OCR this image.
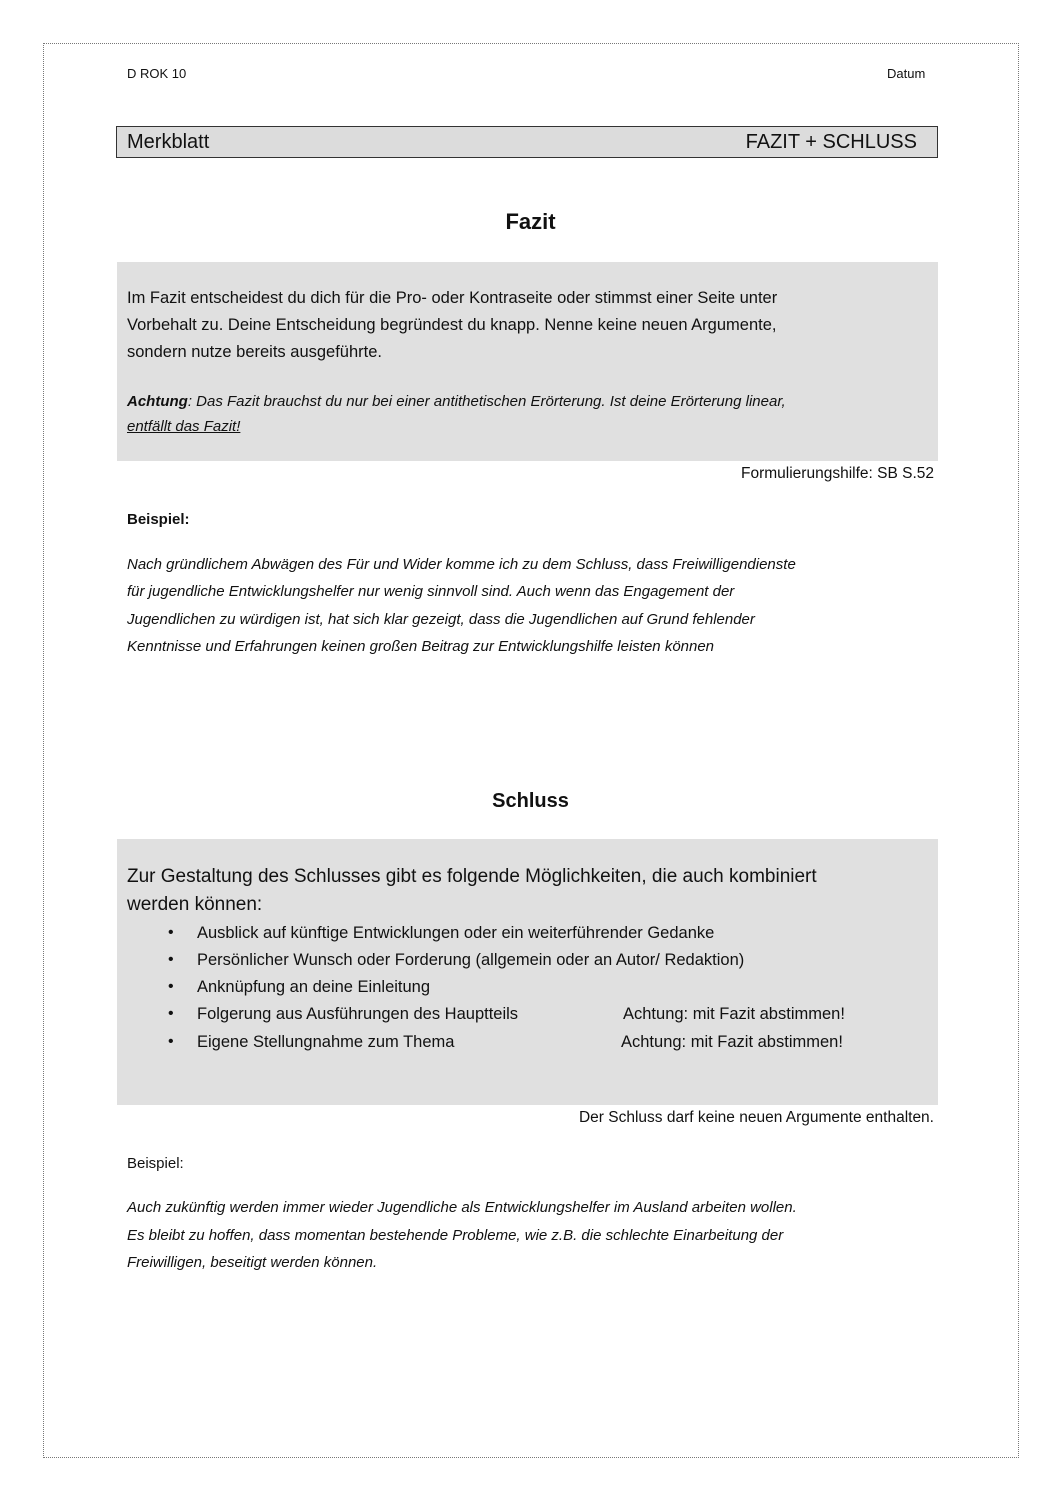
D ROK 10	Datum
Merkblatt	FAZIT + SCHLUSS
Fazit
Im Fazit entscheidest du dich für die Pro- oder Kontraseite oder stimmst einer Seite unter
Vorbehalt zu. Deine Entscheidung begründest du knapp. Nenne keine neuen Argumente,
sondern nutze bereits ausgeführte.
Achtung: Das Fazit brauchst du nur bei einer antithetischen Erörterung. Ist deine Erörterung linear,
entfällt das Fazit!
Formulierungshilfe: SB S.52
Beispiel:
Nach gründlichem Abwägen des Für und Wider komme ich zu dem Schluss, dass Freiwilligendienste
für jugendliche Entwicklungshelfer nur wenig sinnvoll sind. Auch wenn das Engagement der
Jugendlichen zu würdigen ist, hat sich klar gezeigt, dass die Jugendlichen auf Grund fehlender
Kenntnisse und Erfahrungen keinen großen Beitrag zur Entwicklungshilfe leisten können
Schluss
Zur Gestaltung des Schlusses gibt es folgende Möglichkeiten, die auch kombiniert
werden können:
• Ausblick auf künftige Entwicklungen oder ein weiterführender Gedanke
• Persönlicher Wunsch oder Forderung (allgemein oder an Autor/ Redaktion)
• Anknüpfung an deine Einleitung
• Folgerung aus Ausführungen des Hauptteils	Achtung: mit Fazit abstimmen!
• Eigene Stellungnahme zum Thema	Achtung: mit Fazit abstimmen!
Der Schluss darf keine neuen Argumente enthalten.
Beispiel:
Auch zukünftig werden immer wieder Jugendliche als Entwicklungshelfer im Ausland arbeiten wollen.
Es bleibt zu hoffen, dass momentan bestehende Probleme, wie z.B. die schlechte Einarbeitung der
Freiwilligen, beseitigt werden können.
